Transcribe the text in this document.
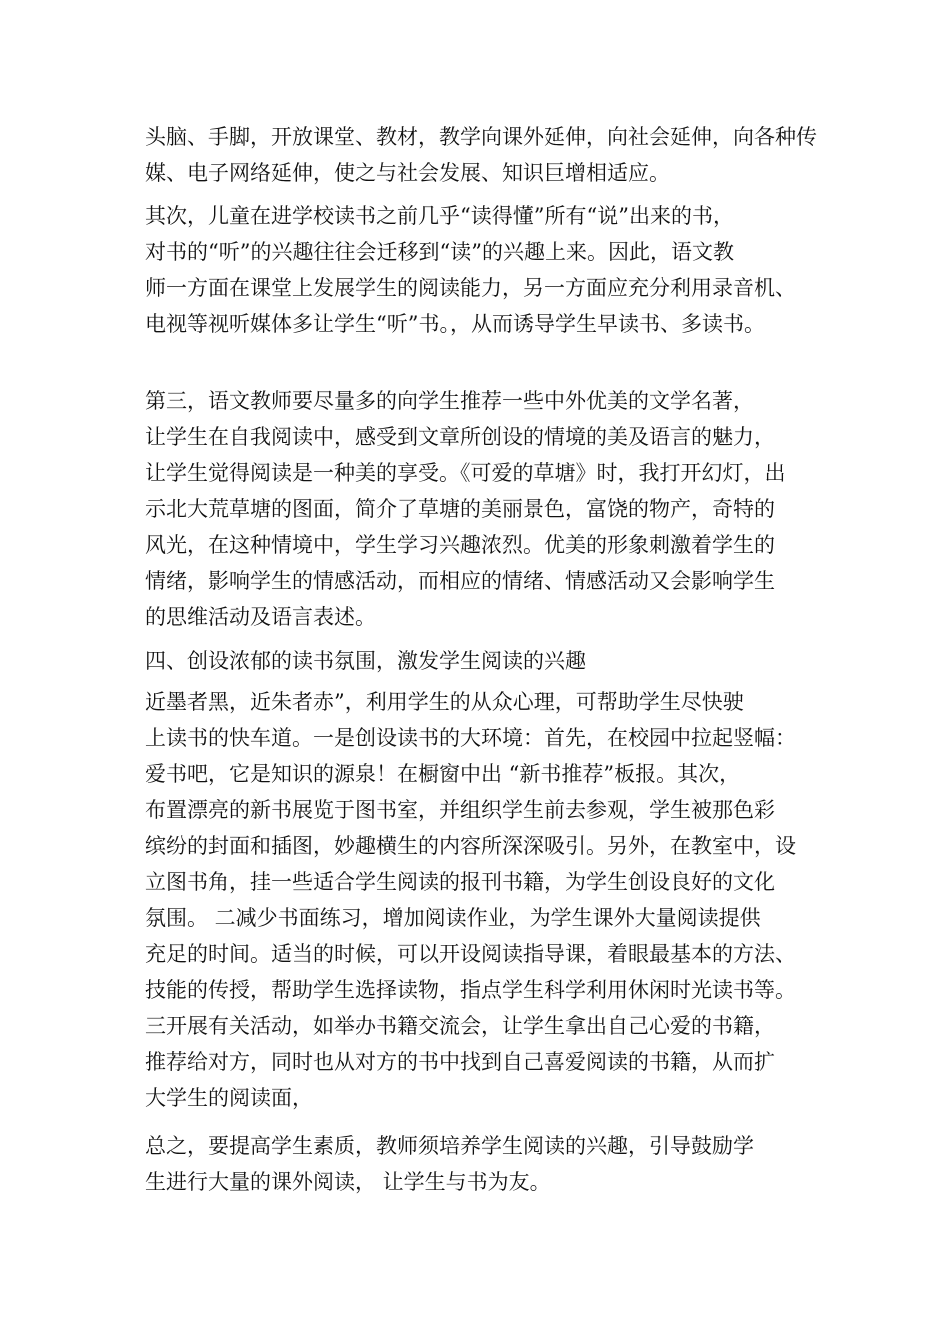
头脑、手脚，开放课堂、教材，教学向课外延伸，向社会延伸，向各种传
媒、电子网络延伸，使之与社会发展、知识巨增相适应。
其次，儿童在进学校读书之前几乎“读得懂”所有“说”出来的书，
对书的“听”的兴趣往往会迁移到“读”的兴趣上来。因此，语文教
师一方面在课堂上发展学生的阅读能力，另一方面应充分利用录音机、
电视等视听媒体多让学生“听”书。，从而诱导学生早读书、多读书。
第三，语文教师要尽量多的向学生推荐一些中外优美的文学名著，
让学生在自我阅读中，感受到文章所创设的情境的美及语言的魅力，
让学生觉得阅读是一种美的享受。《可爱的草塘》时，我打开幻灯，出
示北大荒草塘的图面，简介了草塘的美丽景色，富饶的物产，奇特的
风光，在这种情境中，学生学习兴趣浓烈。优美的形象刺激着学生的
情绪，影响学生的情感活动，而相应的情绪、情感活动又会影响学生
的思维活动及语言表述。
四、创设浓郁的读书氛围，激发学生阅读的兴趣
近墨者黑，近朱者赤”，利用学生的从众心理，可帮助学生尽快驶
上读书的快车道。一是创设读书的大环境：首先，在校园中拉起竖幅：
爱书吧，它是知识的源泉！在橱窗中出 “新书推荐”板报。其次，
布置漂亮的新书展览于图书室，并组织学生前去参观，学生被那色彩
缤纷的封面和插图，妙趣横生的内容所深深吸引。另外，在教室中，设
立图书角，挂一些适合学生阅读的报刊书籍，为学生创设良好的文化
氛围。 二减少书面练习，增加阅读作业，为学生课外大量阅读提供
充足的时间。适当的时候，可以开设阅读指导课，着眼最基本的方法、
技能的传授，帮助学生选择读物，指点学生科学利用休闲时光读书等。
三开展有关活动，如举办书籍交流会，让学生拿出自己心爱的书籍，
推荐给对方，同时也从对方的书中找到自己喜爱阅读的书籍，从而扩
大学生的阅读面，
总之，要提高学生素质，教师须培养学生阅读的兴趣，引导鼓励学
生进行大量的课外阅读， 让学生与书为友。
